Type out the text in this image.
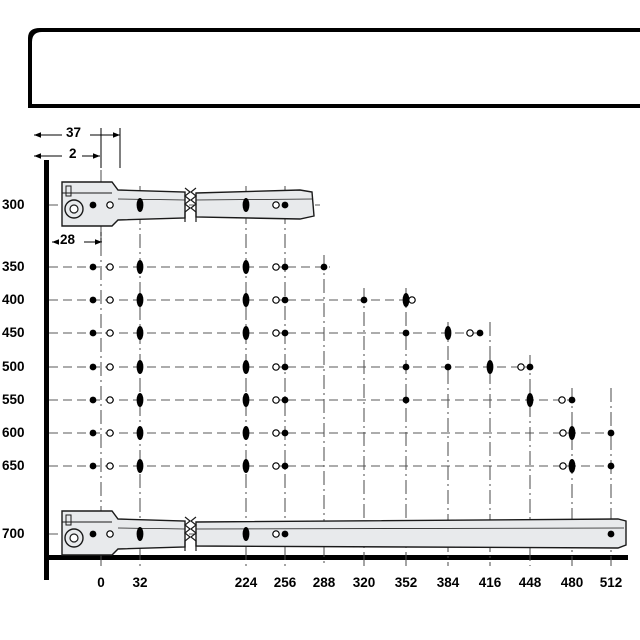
300
350
400
450
500
550
600
650
700
0	32	224	256	288	320	352	384	416	448	480	512
37
2
28
